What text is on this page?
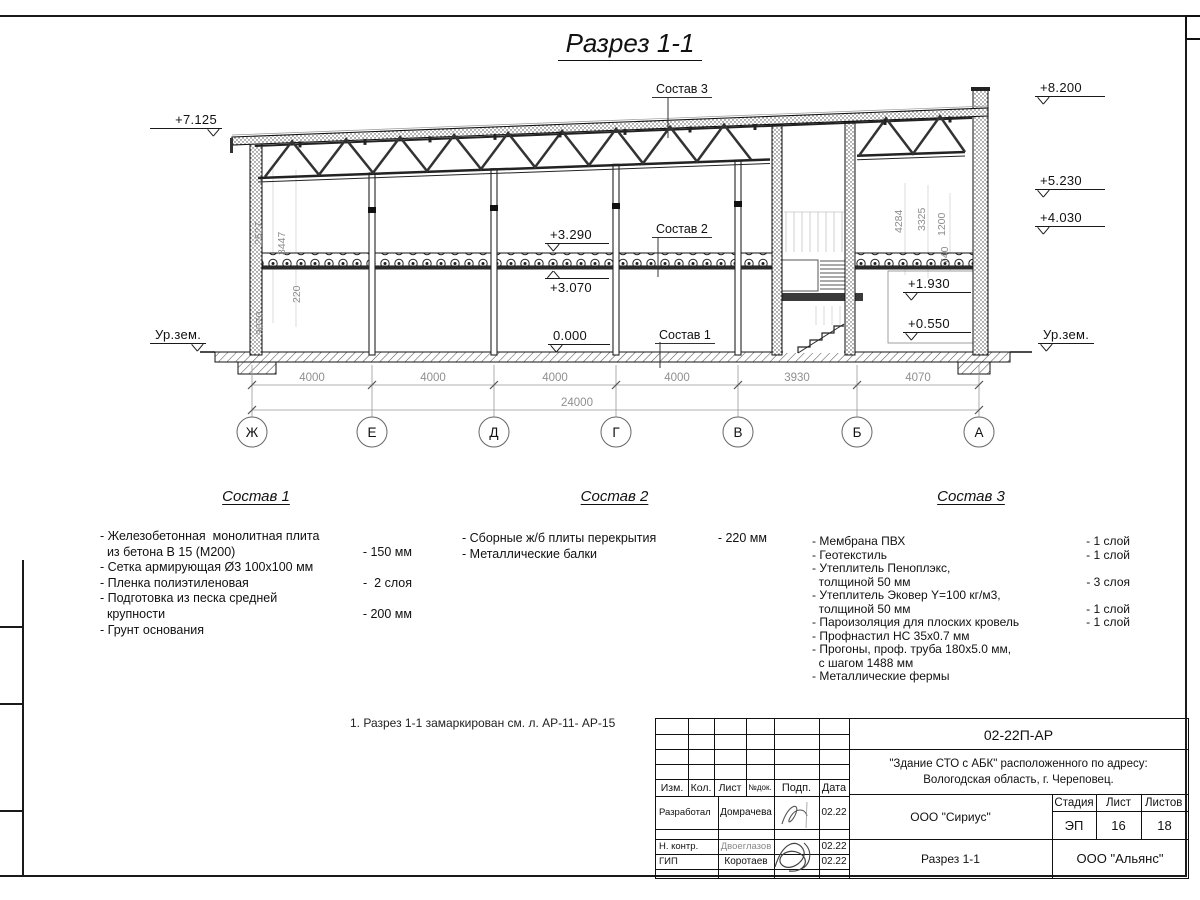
Разрез 1-1
4000	4000	4000	4000	3930	4070
24000
Ж	Е	Д	Г	В	Б	А
+7.125
+8.200
+5.230
+4.030
+1.930
+0.550
+3.290
+3.070
0.000
Ур.зем.	Ур.зем.
Состав 3
Состав 2
Состав 1
2527 3447
220
3070
4284 3325 1200
740
Состав 1
- Железобетонная  монолитная плита
из бетона В 15 (М200)	- 150 мм
- Сетка армирующая Ø3 100x100 мм
- Пленка полиэтиленовая	-  2 слоя
- Подготовка из песка средней
крупности	- 200 мм
- Грунт основания
Состав 2
- Сборные ж/б плиты перекрытия	- 220 мм
- Металлические балки
Состав 3
- Мембрана ПВХ	- 1 слой
- Геотекстиль	- 1 слой
- Утеплитель Пеноплэкс,
толщиной 50 мм	- 3 слоя
- Утеплитель Эковер Y=100 кг/м3,
толщиной 50 мм	- 1 слой
- Пароизоляция для плоских кровель	- 1 слой
- Профнастил НС 35x0.7 мм
- Прогоны, проф. труба 180x5.0 мм,
с шагом 1488 мм
- Металлические фермы
1. Разрез 1-1 замаркирован см. л. АР-11- АР-15
Изм. Кол. Лист №док. Подп. Дата
Разработал Домрачева	02.22
Н. контр.	Двоеглазов	02.22
ГИП	Коротаев	02.22
02-22П-АР
"Здание СТО с АБК" расположенного по адресу:
Вологодская область, г. Череповец.
ООО "Сириус"
Разрез 1-1
Стадия	Лист	Листов
ЭП	16	18
ООО "Альянс"
